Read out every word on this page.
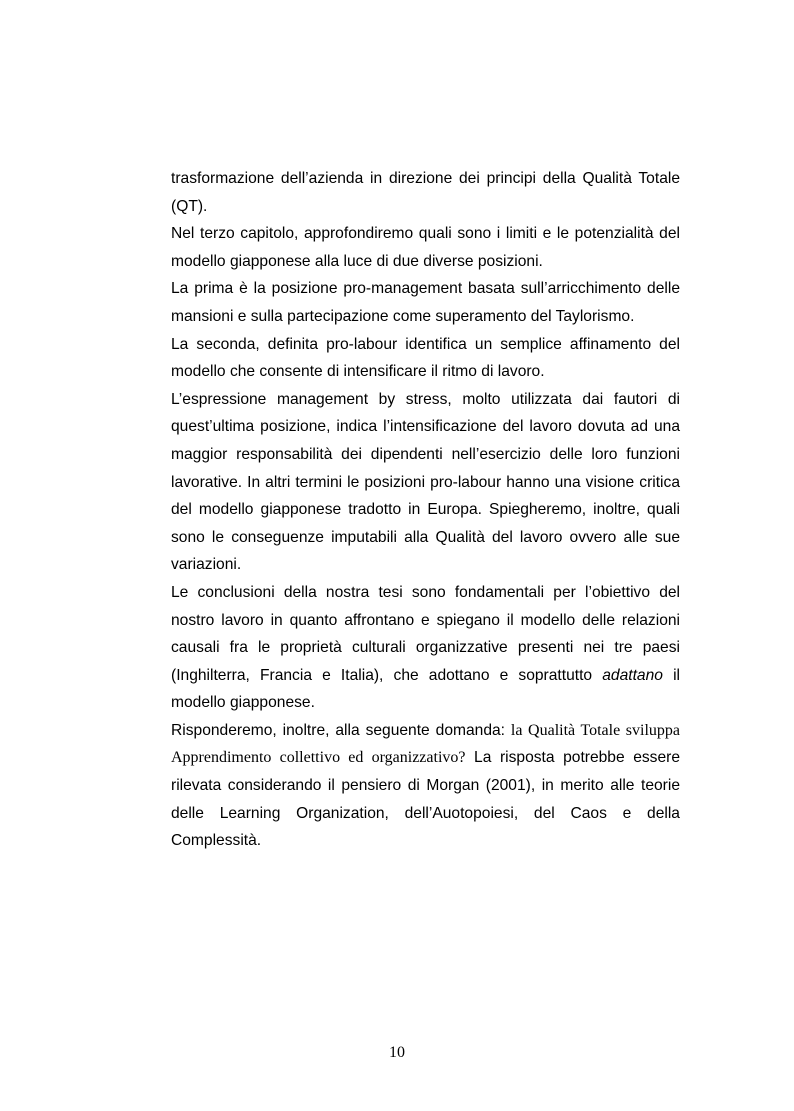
trasformazione dell’azienda in direzione dei principi della Qualità Totale (QT).

Nel terzo capitolo, approfondiremo quali sono i limiti e le potenzialità del modello giapponese alla luce di due diverse posizioni.

La prima è la posizione pro-management basata sull’arricchimento delle mansioni e sulla partecipazione come superamento del Taylorismo.

La seconda, definita pro-labour identifica un semplice affinamento del modello che consente di intensificare il ritmo di lavoro.

L’espressione management by stress, molto utilizzata dai fautori di quest’ultima posizione, indica l’intensificazione del lavoro dovuta ad una maggior responsabilità dei dipendenti nell’esercizio delle loro funzioni lavorative. In altri termini le posizioni pro-labour hanno una visione critica del modello giapponese tradotto in Europa. Spiegheremo, inoltre, quali sono le conseguenze imputabili alla Qualità del lavoro ovvero alle sue variazioni.

Le conclusioni della nostra tesi sono fondamentali per l’obiettivo del nostro lavoro in quanto affrontano e spiegano il modello delle relazioni causali fra le proprietà culturali organizzative presenti nei tre paesi (Inghilterra, Francia e Italia), che adottano e soprattutto adattano il modello giapponese.

Risponderemo, inoltre, alla seguente domanda: la Qualità Totale sviluppa Apprendimento collettivo ed organizzativo? La risposta potrebbe essere rilevata considerando il pensiero di Morgan (2001), in merito alle teorie delle Learning Organization, dell’Auotopoiesi, del Caos e della Complessità.

10
